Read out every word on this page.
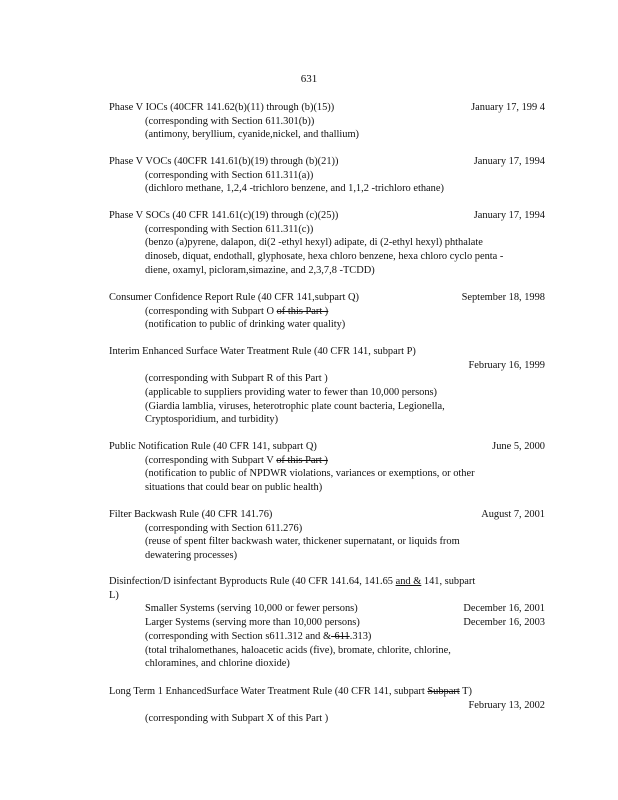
631
Phase V IOCs (40CFR 141.62(b)(11) through (b)(15))	January 17, 199 4
(corresponding with Section 611.301(b))
(antimony, beryllium, cyanide,nickel, and thallium)
Phase V VOCs (40CFR 141.61(b)(19) through (b)(21))	January 17, 1994
(corresponding with Section 611.311(a))
(dichloro methane, 1,2,4 -trichloro benzene, and 1,1,2 -trichloro ethane)
Phase V SOCs (40 CFR 141.61(c)(19) through (c)(25))	January 17, 1994
(corresponding with Section 611.311(c))
(benzo (a)pyrene, dalapon, di(2 -ethyl hexyl) adipate, di (2-ethyl hexyl) phthalate
dinoseb, diquat, endothall, glyphosate, hexa chloro benzene, hexa chloro cyclo penta -
diene, oxamyl, picloram,simazine, and 2,3,7,8 -TCDD)
Consumer Confidence Report Rule (40 CFR 141,subpart Q)	September 18, 1998
(corresponding with Subpart O of this Part )
(notification to public of drinking water quality)
Interim Enhanced Surface Water Treatment Rule (40 CFR 141, subpart P)
February 16, 1999
(corresponding with Subpart R of this Part )
(applicable to suppliers providing water to fewer than 10,000 persons)
(Giardia lamblia, viruses, heterotrophic plate count bacteria, Legionella,
Cryptosporidium, and turbidity)
Public Notification Rule (40 CFR 141, subpart Q)	June 5, 2000
(corresponding with Subpart V of this Part )
(notification to public of NPDWR violations, variances or exemptions, or other
situations that could bear on public health)
Filter Backwash Rule (40 CFR 141.76)	August 7, 2001
(corresponding with Section 611.276)
(reuse of spent filter backwash water, thickener supernatant, or liquids from
dewatering processes)
Disinfection/D isinfectant Byproducts Rule (40 CFR 141.64, 141.65 and & 141, subpart
L)
Smaller Systems (serving 10,000 or fewer persons)	December 16, 2001
Larger Systems (serving more than 10,000 persons)	December 16, 2003
(corresponding with Section s611.312 and &-611.313)
(total trihalomethanes, haloacetic acids (five), bromate, chlorite, chlorine,
chloramines, and chlorine dioxide)
Long Term 1 EnhancedSurface Water Treatment Rule (40 CFR 141, subpart Subpart T)
February 13, 2002
(corresponding with Subpart X of this Part )
